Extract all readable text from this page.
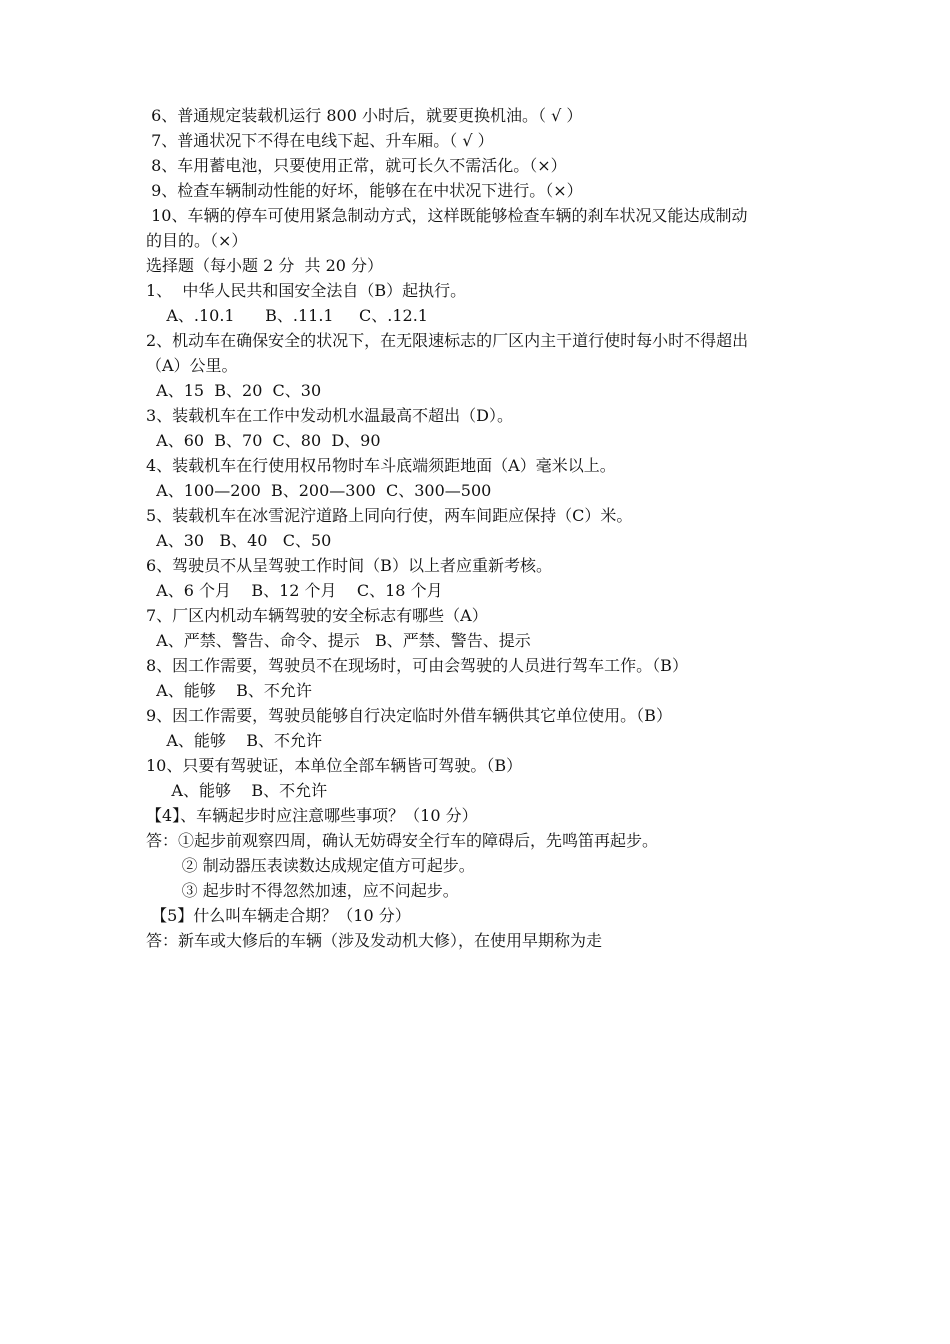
6、普通规定装载机运行 800 小时后，就要更换机油。（ √ ）
7、普通状况下不得在电线下起、升车厢。（ √ ）
8、车用蓄电池，只要使用正常，就可长久不需活化。（×）
9、检查车辆制动性能的好坏，能够在在中状况下进行。（×）
10、车辆的停车可使用紧急制动方式，这样既能够检查车辆的刹车状况又能达成制动
的目的。（×）
选择题（每小题 2 分  共 20 分）
1、  中华人民共和国安全法自（B）起执行。
A、.10.1      B、.11.1     C、.12.1
2、机动车在确保安全的状况下，在无限速标志的厂区内主干道行使时每小时不得超出
（A）公里。
A、15  B、20  C、30
3、装载机车在工作中发动机水温最高不超出（D）。
A、60  B、70  C、80  D、90
4、装载机车在行使用权吊物时车斗底端须距地面（A）毫米以上。
A、100—200  B、200—300  C、300—500
5、装载机车在冰雪泥泞道路上同向行使，两车间距应保持（C）米。
A、30   B、40   C、50
6、驾驶员不从呈驾驶工作时间（B）以上者应重新考核。
A、6 个月    B、12 个月    C、18 个月
7、厂区内机动车辆驾驶的安全标志有哪些（A）
A、严禁、警告、命令、提示   B、严禁、警告、提示
8、因工作需要，驾驶员不在现场时，可由会驾驶的人员进行驾车工作。（B）
A、能够    B、不允许
9、因工作需要，驾驶员能够自行决定临时外借车辆供其它单位使用。（B）
A、能够    B、不允许
10、只要有驾驶证，本单位全部车辆皆可驾驶。（B）
A、能够    B、不允许
【4】、车辆起步时应注意哪些事项？（10 分）
答：①起步前观察四周，确认无妨碍安全行车的障碍后，先鸣笛再起步。
② 制动器压表读数达成规定值方可起步。
③ 起步时不得忽然加速，应不问起步。
【5】什么叫车辆走合期？（10 分）
答：新车或大修后的车辆（涉及发动机大修），在使用早期称为走
